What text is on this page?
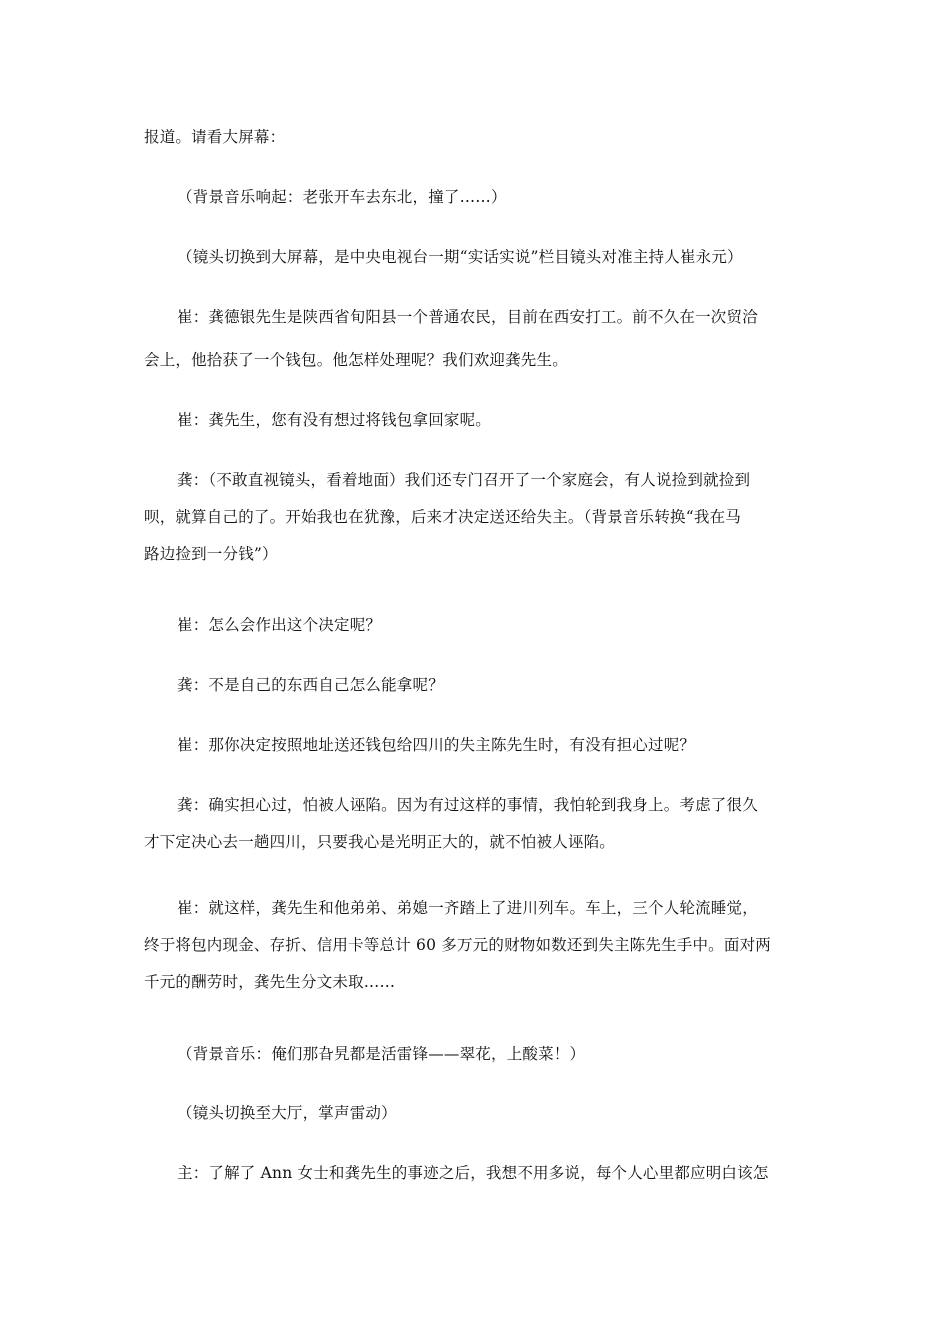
报道。请看大屏幕：
（背景音乐响起：老张开车去东北，撞了……）
（镜头切换到大屏幕，是中央电视台一期“实话实说”栏目镜头对准主持人崔永元）
崔：龚德银先生是陕西省旬阳县一个普通农民，目前在西安打工。前不久在一次贸洽
会上，他拾获了一个钱包。他怎样处理呢？我们欢迎龚先生。
崔：龚先生，您有没有想过将钱包拿回家呢。
龚：（不敢直视镜头，看着地面）我们还专门召开了一个家庭会，有人说捡到就捡到
呗，就算自己的了。开始我也在犹豫，后来才决定送还给失主。（背景音乐转换“我在马
路边捡到一分钱”）
崔：怎么会作出这个决定呢？
龚：不是自己的东西自己怎么能拿呢？
崔：那你决定按照地址送还钱包给四川的失主陈先生时，有没有担心过呢？
龚：确实担心过，怕被人诬陷。因为有过这样的事情，我怕轮到我身上。考虑了很久
才下定决心去一趟四川，只要我心是光明正大的，就不怕被人诬陷。
崔：就这样，龚先生和他弟弟、弟媳一齐踏上了进川列车。车上，三个人轮流睡觉，
终于将包内现金、存折、信用卡等总计 60 多万元的财物如数还到失主陈先生手中。面对两
千元的酬劳时，龚先生分文未取……
（背景音乐：俺们那旮旯都是活雷锋——翠花，上酸菜！）
（镜头切换至大厅，掌声雷动）
主：了解了 Ann 女士和龚先生的事迹之后，我想不用多说，每个人心里都应明白该怎
